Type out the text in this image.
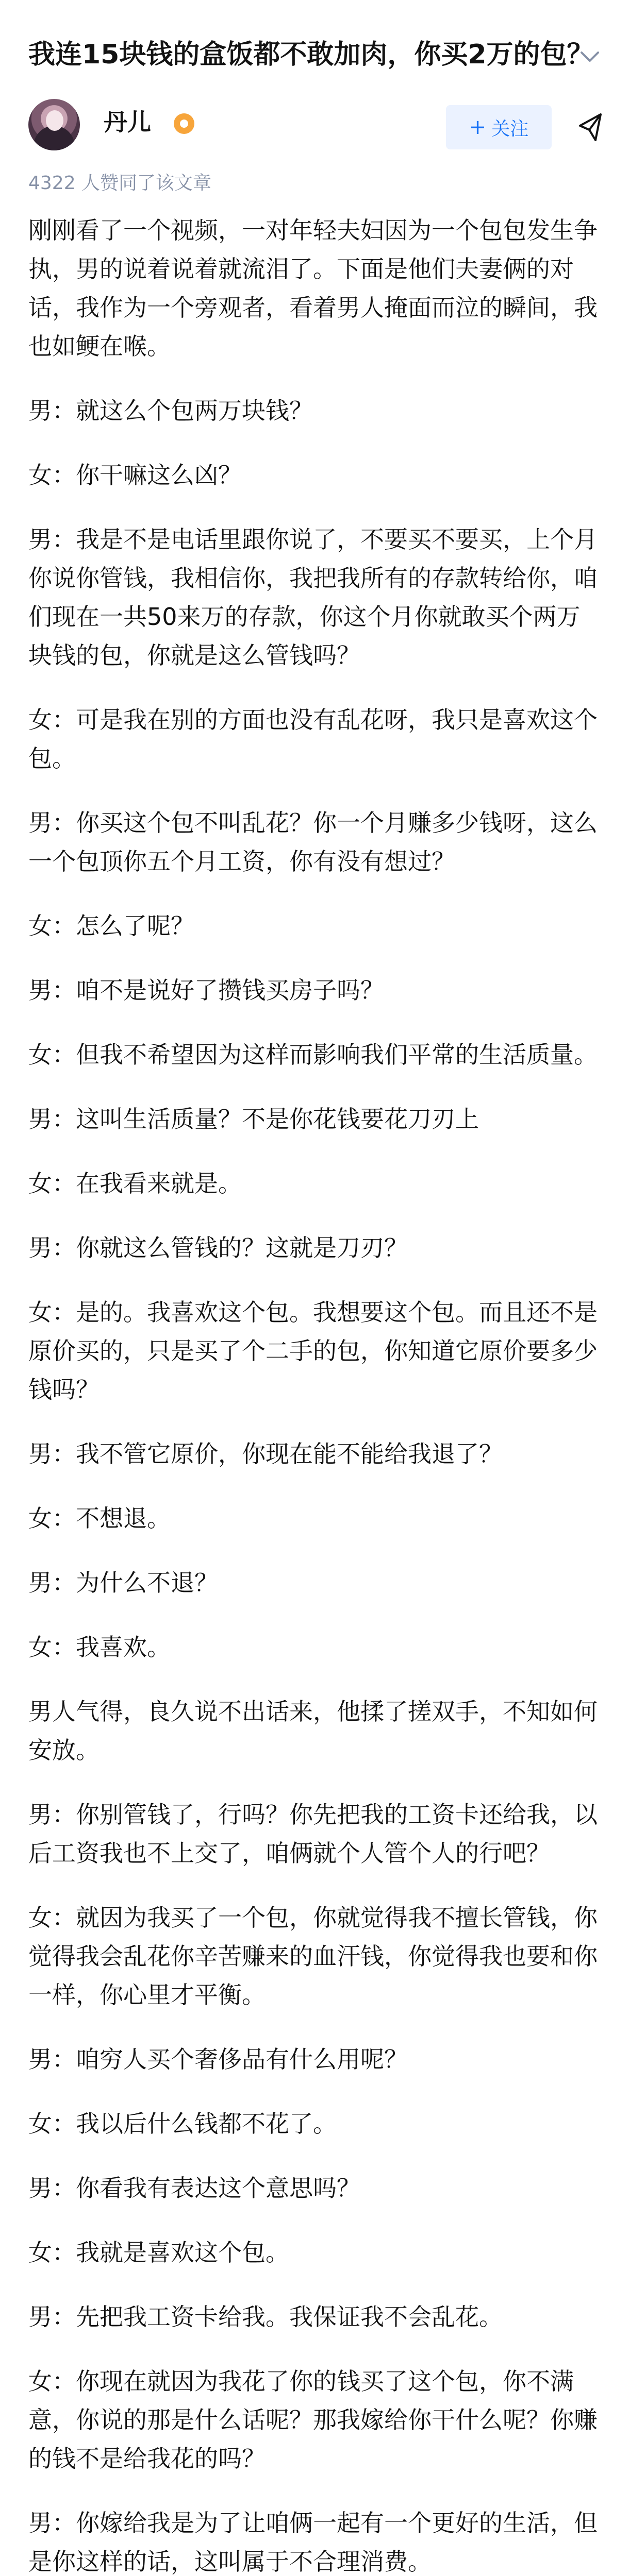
我连15块钱的盒饭都不敢加肉，你买2万的包？
丹儿	+ 关注
4322 人赞同了该文章

刚刚看了一个视频，一对年轻夫妇因为一个包包发生争执，男的说着说着就流泪了。下面是他们夫妻俩的对话，我作为一个旁观者，看着男人掩面而泣的瞬间，我也如鲠在喉。

男：就这么个包两万块钱？

女：你干嘛这么凶？

男：我是不是电话里跟你说了，不要买不要买，上个月你说你管钱，我相信你，我把我所有的存款转给你，咱们现在一共50来万的存款，你这个月你就敢买个两万块钱的包，你就是这么管钱吗？

女：可是我在别的方面也没有乱花呀，我只是喜欢这个包。

男：你买这个包不叫乱花？你一个月赚多少钱呀，这么一个包顶你五个月工资，你有没有想过？

女：怎么了呢？

男：咱不是说好了攒钱买房子吗？

女：但我不希望因为这样而影响我们平常的生活质量。

男：这叫生活质量？不是你花钱要花刀刃上

女：在我看来就是。

男：你就这么管钱的？这就是刀刃？

女：是的。我喜欢这个包。我想要这个包。而且还不是原价买的，只是买了个二手的包，你知道它原价要多少钱吗？

男：我不管它原价，你现在能不能给我退了？

女：不想退。

男：为什么不退？

女：我喜欢。

男人气得，良久说不出话来，他揉了搓双手，不知如何安放。

男：你别管钱了，行吗？你先把我的工资卡还给我，以后工资我也不上交了，咱俩就个人管个人的行吧？

女：就因为我买了一个包，你就觉得我不擅长管钱，你觉得我会乱花你辛苦赚来的血汗钱，你觉得我也要和你一样，你心里才平衡。

男：咱穷人买个奢侈品有什么用呢？

女：我以后什么钱都不花了。

男：你看我有表达这个意思吗？

女：我就是喜欢这个包。

男：先把我工资卡给我。我保证我不会乱花。

女：你现在就因为我花了你的钱买了这个包，你不满意，你说的那是什么话呢？那我嫁给你干什么呢？你赚的钱不是给我花的吗？

男：你嫁给我是为了让咱俩一起有一个更好的生活，但是你这样的话，这叫属于不合理消费。
